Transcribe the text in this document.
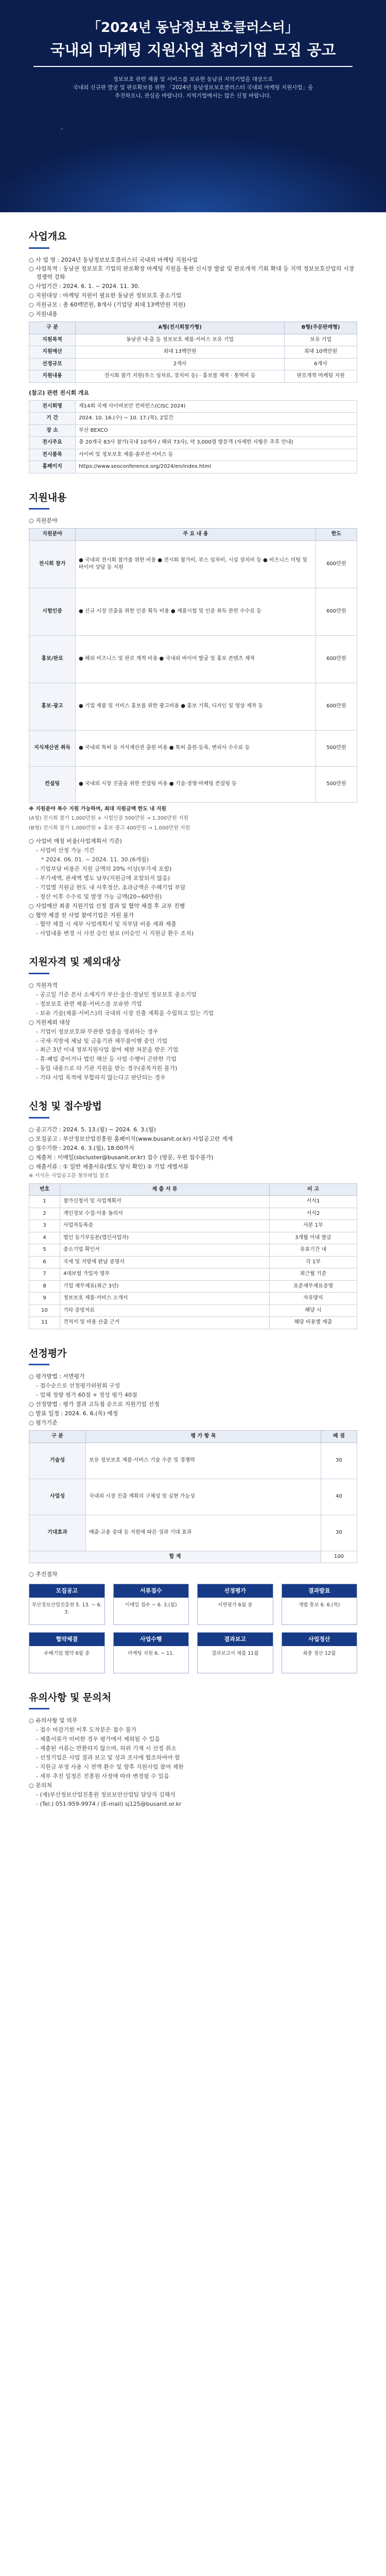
「2024년 동남정보보호클러스터」
국내외 마케팅 지원사업 참여기업 모집 공고

정보보호 관련 제품 및 서비스를 보유한 동남권 지역기업을 대상으로

국내외 신규판 발굴 및 판로확보를 위한 「2024년 동남정보보호클러스터 국내외 마케팅 지원사업」을

추진하오니, 관심을 바랍니다. 지역기업에서는 많은 신청 바랍니다.

사업개요
○ 사 업 명 : 2024년 동남정보보호클러스터 국내외 마케팅 지원사업
○ 사업목적 : 동남권 정보보호 기업의 판로확장 마케팅 지원을 통한 신시장 발굴 및 판로개척 기회 확대 등 지역 정보보호산업의 시장경쟁력 강화
○ 사업기간 : 2024. 6. 1. ~ 2024. 11. 30.
○ 지원대상 : 마케팅 지원이 필요한 동남권 정보보호 중소기업
○ 지원규모 : 총 60백만원, 8개사 (기업당 최대 13백만원 지원)
○ 지원내용
구 분	A형(전시회참가형)	B형(주문판매형)
지원목적	동남권 내·출 등 정보보호 제품·서비스 보유 기업	보유 기업
지원예산	최대 13백만원	최대 10백만원
선정규모	2개사	6개사
지원내용	전시회 참가 지원(부스 임차료, 장치비 등) · 홍보물 제작 · 통역비 등	판로개척 마케팅 지원
(참고) 관련 전시회 개요
전시회명	제14회 국제 사이버보안 컨퍼런스(CISC 2024)
기 간	2024. 10. 16.(수) ~ 10. 17.(목), 2일간
장 소	부산 BEXCO
전시주요	총 20개국 83사 참가(국내 10개사 / 해외 73사), 약 3,000명 방문객 (자세한 사항은 추후 안내)
전시품목	사이버 및 정보보호 제품·솔루션·서비스 등
홈페이지	https://www.seoconference.org/2024/en/index.html
지원내용
○ 지원분야
지원분야	주 요 내 용	한도
전시회 참가	● 국내외 전시회 참가를 위한 비용 ● 전시회 참가비, 부스 임차비, 시설 장치비 등 ● 비즈니스 미팅 및 바이어 상담 등 지원	600만원
시험인증	● 신규 시장 진출을 위한 인증 획득 비용 ● 제품시험 및 인증 취득 관련 수수료 등	600만원
홍보/판로	● 해외 비즈니스 및 판로 개척 비용 ● 국내외 바이어 발굴 및 홍보 콘텐츠 제작	600만원
홍보·광고	● 기업 제품 및 서비스 홍보를 위한 광고비용 ● 홍보 기획, 디자인 및 영상 제작 등	600만원
지식재산권 취득	● 국내외 특허 등 지식재산권 출원 비용 ● 특허 출원·등록, 변리사 수수료 등	500만원
컨설팅	● 국내외 시장 진출을 위한 컨설팅 비용 ● 기술·경영·마케팅 컨설팅 등	500만원
※ 지원분야 복수 지원 가능하며, 최대 지원금액 한도 내 지원
(A형) 전시회 참가 1,000만원 + 시험인증 500만원 → 1,300만원 지원
(B형) 전시회 참가 1,000만원 + 홍보·광고 400만원 → 1,000만원 지원
○ 사업비 매칭 비율(사업계획서 기준)
- 사업비 산정 가능 기간
* 2024. 06. 01. ~ 2024. 11. 30.(6개월)
- 기업부담 비용은 지원 금액의 20% 이상(부가세 포함)
- 부가세액, 관세액 별도 납부(지원금에 포함되지 않음)
- 기업별 지원금 한도 내 사후정산, 초과금액은 수혜기업 부담
- 정산 이후 수수료 및 발생 가능 금액(20~60만원)
○ 사업예산 최종 지원기업 선정 결과 및 협약 체결 후 교부 진행
○ 협약 체결 전 사업 참여기업은 지원 불가
- 협약 체결 시 세부 사업계획서 및 자부담 비용 계좌 제출
- 사업내용 변경 시 사전 승인 필요 (미승인 시 지원금 환수 조치)
지원자격 및 제외대상
○ 지원자격
- 공고일 기준 본사 소재지가 부산·울산·경남인 정보보호 중소기업
- 정보보호 관련 제품·서비스를 보유한 기업
- 보유 기술(제품·서비스)의 국내외 시장 진출 계획을 수립하고 있는 기업
○ 지원제외 대상
- 기업이 정보보호와 무관한 업종을 영위하는 경우
- 국세·지방세 체납 및 금융기관 채무불이행 중인 기업
- 최근 3년 이내 정부지원사업 참여 제한 처분을 받은 기업
- 휴·폐업 중이거나 법인 해산 등 사업 수행이 곤란한 기업
- 동일 내용으로 타 기관 지원을 받는 경우(중복지원 불가)
- 기타 사업 목적에 부합하지 않는다고 판단되는 경우
신청 및 접수방법
○ 공고기간 : 2024. 5. 13.(월) ~ 2024. 6. 3.(월)
○ 모집공고 : 부산정보산업진흥원 홈페이지(www.busanit.or.kr) 사업공고란 게재
○ 접수기한 : 2024. 6. 3.(월), 18:00까지
○ 제출처 : 이메일(sbcluster@busanit.or.kr) 접수 (방문, 우편 접수불가)
○ 제출서류 : ① 일반 제출서류(별도 양식 확인) ② 기업 개별서류
※ 서식은 사업공고문 첨부파일 참조
번호	제 출 서 류	비 고
1	참가신청서 및 사업계획서	서식1
2	개인정보 수집·이용 동의서	서식2
3	사업자등록증	사본 1부
4	법인 등기부등본(법인사업자)	3개월 이내 발급
5	중소기업 확인서	유효기간 내
6	국세 및 지방세 완납 증명서	각 1부
7	4대보험 가입자 명부	최근월 기준
8	기업 재무제표(최근 3년)	표준재무제표증명
9	정보보호 제품·서비스 소개서	자유양식
10	기타 증빙자료	해당 시
11	견적서 및 비용 산출 근거	해당 비용별 제출
선정평가
○ 평가방법 : 서면평가
- 접수순으로 선정평가위원회 구성
- 업체 정량 평가 60점 + 정성 평가 40점
○ 선정방법 : 평가 결과 고득점 순으로 지원기업 선정
○ 발표 일정 : 2024. 6. 6.(목) 예정
○ 평가기준
구 분	평 가 항 목	배 점
기술성	보유 정보보호 제품·서비스 기술 수준 및 경쟁력	30
사업성	국내외 시장 진출 계획의 구체성 및 실현 가능성	40
기대효과	매출·고용 증대 등 지원에 따른 성과 기대 효과	30
합 계		100
○ 추진절차
모집공고
부산정보산업진흥원 5. 13. ~ 6. 3.
서류접수
이메일 접수 ~ 6. 3.(월)
선정평가
서면평가 6월 중
결과발표
개별 통보 6. 6.(목)
협약체결
수혜기업 협약 6월 중
사업수행
마케팅 지원 6. ~ 11.
결과보고
결과보고서 제출 11월
사업정산
최종 정산 12월
유의사항 및 문의처
○ 유의사항 및 의무
- 접수 마감기한 이후 도착분은 접수 불가
- 제출서류가 미비한 경우 평가에서 제외될 수 있음
- 제출된 서류는 반환하지 않으며, 허위 기재 시 선정 취소
- 선정기업은 사업 결과 보고 및 성과 조사에 협조하여야 함
- 지원금 부정 사용 시 전액 환수 및 향후 지원사업 참여 제한
- 세부 추진 일정은 진흥원 사정에 따라 변경될 수 있음
○ 문의처
- (재)부산정보산업진흥원 정보보안산업팀 담당자 김해석
- (Tel.) 051-959-9974 / (E-mail) sj125@busanit.or.kr
